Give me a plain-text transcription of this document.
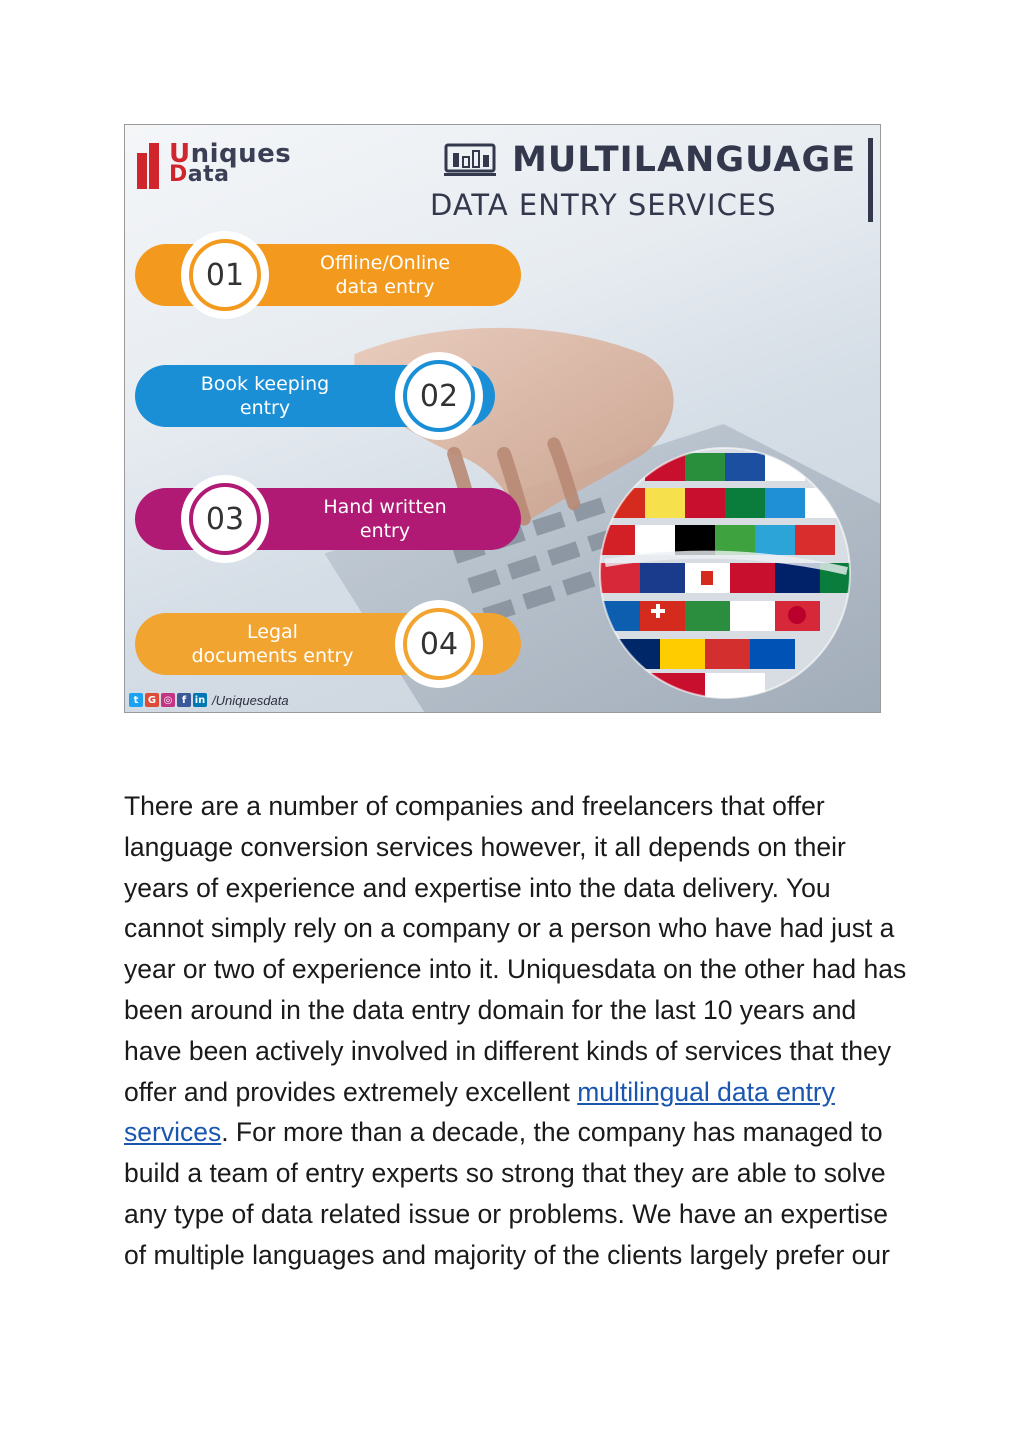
Uniques
Data	MULTILANGUAGE
DATA ENTRY SERVICES
Offline/Online
data entry
01
Book keeping
entry	02
Hand written
entry
03
Legal
documents entry	04
t G ◎ f in /Uniquesdata
There are a number of companies and freelancers that offer language conversion services however, it all depends on their years of experience and expertise into the data delivery. You cannot simply rely on a company or a person who have had just a year or two of experience into it. Uniquesdata on the other had has been around in the data entry domain for the last 10 years and have been actively involved in different kinds of services that they offer and provides extremely excellent multilingual data entry services. For more than a decade, the company has managed to build a team of entry experts so strong that they are able to solve any type of data related issue or problems. We have an expertise of multiple languages and majority of the clients largely prefer our
